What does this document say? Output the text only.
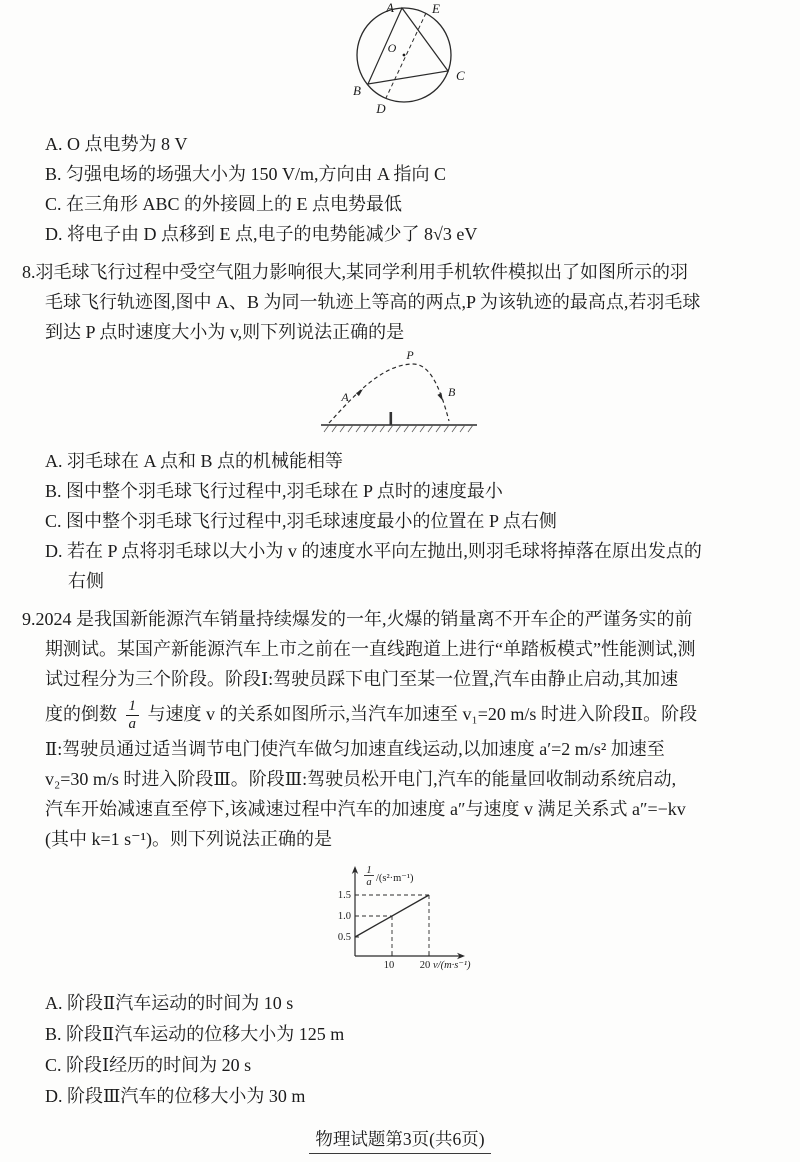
A	E
O
B
C
D
A. O 点电势为 8 V
B. 匀强电场的场强大小为 150 V/m,方向由 A 指向 C
C. 在三角形 ABC 的外接圆上的 E 点电势最低
D. 将电子由 D 点移到 E 点,电子的电势能减少了 8√3 eV
8.羽毛球飞行过程中受空气阻力影响很大,某同学利用手机软件模拟出了如图所示的羽
毛球飞行轨迹图,图中 A、B 为同一轨迹上等高的两点,P 为该轨迹的最高点,若羽毛球
到达 P 点时速度大小为 v,则下列说法正确的是
P
A	B
A. 羽毛球在 A 点和 B 点的机械能相等
B. 图中整个羽毛球飞行过程中,羽毛球在 P 点时的速度最小
C. 图中整个羽毛球飞行过程中,羽毛球速度最小的位置在 P 点右侧
D. 若在 P 点将羽毛球以大小为 v 的速度水平向左抛出,则羽毛球将掉落在原出发点的
右侧
9.2024 是我国新能源汽车销量持续爆发的一年,火爆的销量离不开车企的严谨务实的前
期测试。某国产新能源汽车上市之前在一直线跑道上进行“单踏板模式”性能测试,测
试过程分为三个阶段。阶段Ⅰ:驾驶员踩下电门至某一位置,汽车由静止启动,其加速
度的倒数 $\frac{1}{a}$ 与速度 v 的关系如图所示,当汽车加速至 v₁=20 m/s 时进入阶段Ⅱ。阶段
Ⅱ:驾驶员通过适当调节电门使汽车做匀加速直线运动,以加速度 a′=2 m/s² 加速至
v₂=30 m/s 时进入阶段Ⅲ。阶段Ⅲ:驾驶员松开电门,汽车的能量回收制动系统启动,
汽车开始减速直至停下,该减速过程中汽车的加速度 a″与速度 v 满足关系式 a″=−kv
(其中 k=1 s⁻¹)。则下列说法正确的是
0.5
1.0
1.5
10 20 v/(m·s⁻¹)
1
a /(s²·m⁻¹)
A. 阶段Ⅱ汽车运动的时间为 10 s
B. 阶段Ⅱ汽车运动的位移大小为 125 m
C. 阶段Ⅰ经历的时间为 20 s
D. 阶段Ⅲ汽车的位移大小为 30 m
物理试题第3页(共6页)
